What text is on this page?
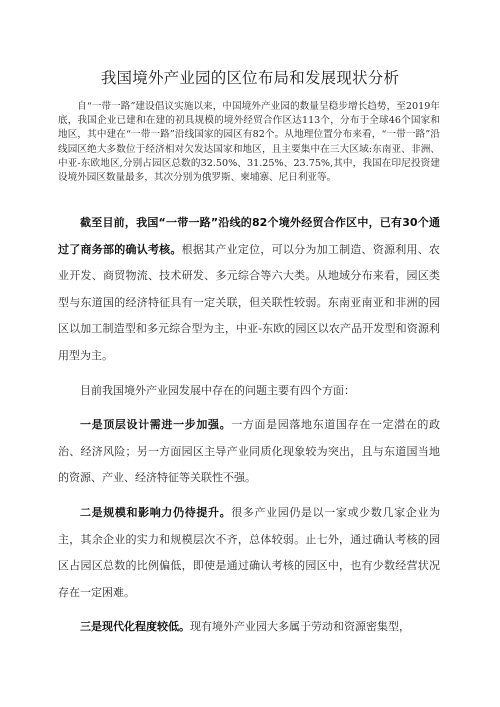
我国境外产业园的区位布局和发展现状分析

自“一带一路”建设倡议实施以来，中国境外产业园的数量呈稳步增长趋势，至2019年底，我国企业已建和在建的初具规模的境外经贸合作区达113个，分布于全球46个国家和地区，其中建在“一带一路”沿线国家的园区有82个。从地理位置分布来看，“一带一路”沿线园区绝大多数位于经济相对欠发达国家和地区，且主要集中在三大区域:东南亚、非洲、中亚-东欧地区,分别占园区总数的32.50%、31.25%、23.75%,其中，我国在印尼投资建设境外园区数量最多，其次分别为俄罗斯、柬埔寨、尼日利亚等。

截至目前，我国“一带一路”沿线的82个境外经贸合作区中，已有30个通过了商务部的确认考核。根据其产业定位，可以分为加工制造、资源利用、农业开发、商贸物流、技术研发、多元综合等六大类。从地域分布来看，园区类型与东道国的经济特征具有一定关联，但关联性较弱。东南亚南亚和非洲的园区以加工制造型和多元综合型为主，中亚-东欧的园区以农产品开发型和资源利用型为主。

目前我国境外产业园发展中存在的问题主要有四个方面：

一是顶层设计需进一步加强。一方面是园落地东道国存在一定潜在的政治、经济风险；另一方面园区主导产业同质化现象较为突出，且与东道国当地的资源、产业、经济特征等关联性不强。

二是规模和影响力仍待提升。很多产业园仍是以一家或少数几家企业为主，其余企业的实力和规模层次不齐，总体较弱。止七外，通过确认考核的园区占园区总数的比例偏低，即使是通过确认考核的园区中，也有少数经营状况存在一定困难。

三是现代化程度较低。现有境外产业园大多属于劳动和资源密集型，
